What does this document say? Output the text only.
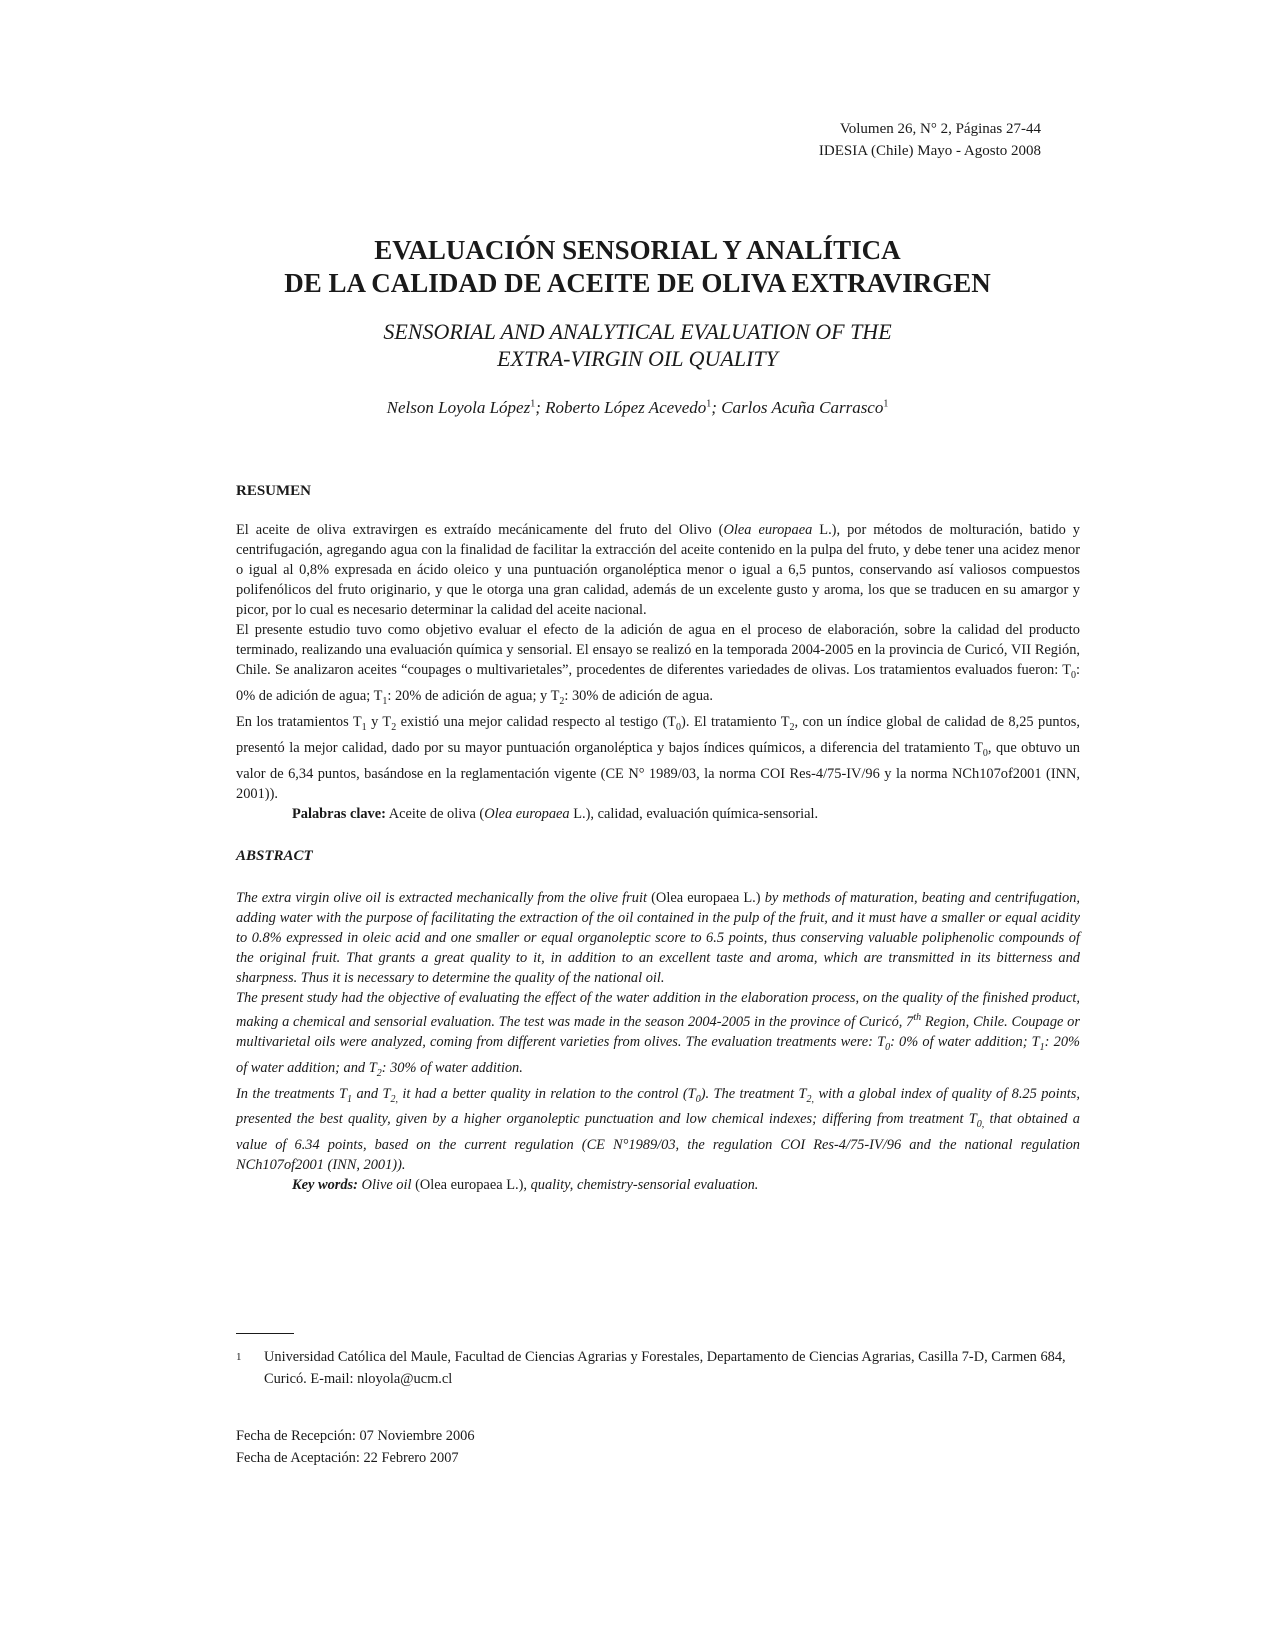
Volumen 26, N° 2, Páginas 27-44
IDESIA (Chile) Mayo - Agosto 2008
EVALUACIÓN SENSORIAL Y ANALÍTICA
DE LA CALIDAD DE ACEITE DE OLIVA EXTRAVIRGEN
SENSORIAL AND ANALYTICAL EVALUATION OF THE
EXTRA-VIRGIN OIL QUALITY
Nelson Loyola López$^1$; Roberto López Acevedo$^1$; Carlos Acuña Carrasco$^1$
RESUMEN

El aceite de oliva extravirgen es extraído mecánicamente del fruto del Olivo (Olea europaea L.), por métodos de molturación, batido y centrifugación, agregando agua con la finalidad de facilitar la extracción del aceite contenido en la pulpa del fruto, y debe tener una acidez menor o igual al 0,8% expresada en ácido oleico y una puntuación organoléptica menor o igual a 6,5 puntos, conservando así valiosos compuestos polifenólicos del fruto originario, y que le otorga una gran calidad, además de un excelente gusto y aroma, los que se traducen en su amargor y picor, por lo cual es necesario determinar la calidad del aceite nacional.

El presente estudio tuvo como objetivo evaluar el efecto de la adición de agua en el proceso de elaboración, sobre la calidad del producto terminado, realizando una evaluación química y sensorial. El ensayo se realizó en la temporada 2004-2005 en la provincia de Curicó, VII Región, Chile. Se analizaron aceites “coupages o multivarietales”, procedentes de diferentes variedades de olivas. Los tratamientos evaluados fueron: $T_0$: 0% de adición de agua; $T_1$: 20% de adición de agua; y $T_2$: 30% de adición de agua.

En los tratamientos $T_1$ y $T_2$ existió una mejor calidad respecto al testigo $(T_0)$. El tratamiento $T_2$, con un índice global de calidad de 8,25 puntos, presentó la mejor calidad, dado por su mayor puntuación organoléptica y bajos índices químicos, a diferencia del tratamiento $T_0$, que obtuvo un valor de 6,34 puntos, basándose en la reglamentación vigente (CE N° 1989/03, la norma COI Res-4/75-IV/96 y la norma NCh107of2001 (INN, 2001)).

Palabras clave: Aceite de oliva (Olea europaea L.), calidad, evaluación química-sensorial.

ABSTRACT

The extra virgin olive oil is extracted mechanically from the olive fruit (Olea europaea L.) by methods of maturation, beating and centrifugation, adding water with the purpose of facilitating the extraction of the oil contained in the pulp of the fruit, and it must have a smaller or equal acidity to 0.8% expressed in oleic acid and one smaller or equal organoleptic score to 6.5 points, thus conserving valuable poliphenolic compounds of the original fruit. That grants a great quality to it, in addition to an excellent taste and aroma, which are transmitted in its bitterness and sharpness. Thus it is necessary to determine the quality of the national oil.

The present study had the objective of evaluating the effect of the water addition in the elaboration process, on the quality of the finished product, making a chemical and sensorial evaluation. The test was made in the season 2004-2005 in the province of Curicó, 7th Region, Chile. Coupage or multivarietal oils were analyzed, coming from different varieties from olives. The evaluation treatments were: $T_0$: 0% of water addition; $T_1$: 20% of water addition; and $T_2$: 30% of water addition.

In the treatments $T_1$ and $T_{2,}$ it had a better quality in relation to the control $(T_0)$. The treatment $T_{2,}$ with a global index of quality of 8.25 points, presented the best quality, given by a higher organoleptic punctuation and low chemical indexes; differing from treatment $T_{0,}$ that obtained a value of 6.34 points, based on the current regulation (CE N°1989/03, the regulation COI Res-4/75-IV/96 and the national regulation NCh107of2001 (INN, 2001)).

Key words: Olive oil (Olea europaea L.), quality, chemistry-sensorial evaluation.

1 Universidad Católica del Maule, Facultad de Ciencias Agrarias y Forestales, Departamento de Ciencias Agrarias, Casilla 7-D, Carmen 684, Curicó. E-mail: nloyola@ucm.cl
Fecha de Recepción: 07 Noviembre 2006
Fecha de Aceptación: 22 Febrero 2007
